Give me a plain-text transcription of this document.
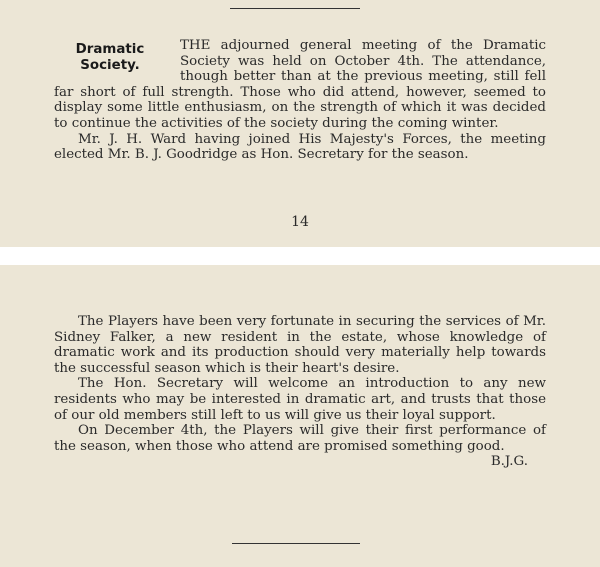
Dramatic
Society.

THE adjourned general meeting of the Dramatic Society was held on October 4th. The attendance, though better than at the previous meeting, still fell far short of full strength. Those who did attend, however, seemed to display some little enthusiasm, on the strength of which it was decided to continue the activities of the society during the coming winter.

Mr. J. H. Ward having joined His Majesty's Forces, the meeting elected Mr. B. J. Goodridge as Hon. Secretary for the season.

14

The Players have been very fortunate in securing the services of Mr. Sidney Falker, a new resident in the estate, whose knowledge of dramatic work and its production should very materially help towards the successful season which is their heart's desire.

The Hon. Secretary will welcome an introduction to any new residents who may be interested in dramatic art, and trusts that those of our old members still left to us will give us their loyal support.

On December 4th, the Players will give their first performance of the season, when those who attend are promised something good.

B.J.G.
